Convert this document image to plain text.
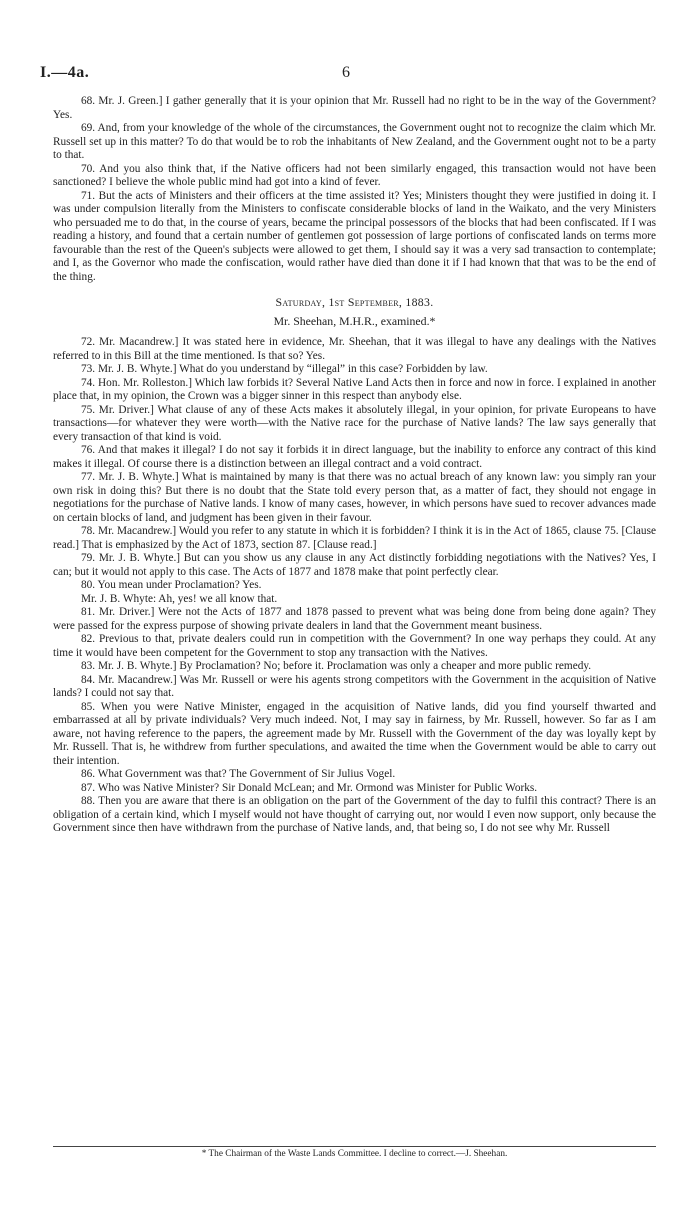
I.—4a.	6

68. Mr. J. Green.] I gather generally that it is your opinion that Mr. Russell had no right to be in the way of the Government? Yes.

69. And, from your knowledge of the whole of the circumstances, the Government ought not to recognize the claim which Mr. Russell set up in this matter? To do that would be to rob the inhabitants of New Zealand, and the Government ought not to be a party to that.

70. And you also think that, if the Native officers had not been similarly engaged, this transaction would not have been sanctioned? I believe the whole public mind had got into a kind of fever.

71. But the acts of Ministers and their officers at the time assisted it? Yes; Ministers thought they were justified in doing it. I was under compulsion literally from the Ministers to confiscate considerable blocks of land in the Waikato, and the very Ministers who persuaded me to do that, in the course of years, became the principal possessors of the blocks that had been confiscated. If I was reading a history, and found that a certain number of gentlemen got possession of large portions of confiscated lands on terms more favourable than the rest of the Queen's subjects were allowed to get them, I should say it was a very sad transaction to contemplate; and I, as the Governor who made the confiscation, would rather have died than done it if I had known that that was to be the end of the thing.

Saturday, 1st September, 1883.

Mr. Sheehan, M.H.R., examined.*

72. Mr. Macandrew.] It was stated here in evidence, Mr. Sheehan, that it was illegal to have any dealings with the Natives referred to in this Bill at the time mentioned. Is that so? Yes.

73. Mr. J. B. Whyte.] What do you understand by “illegal” in this case? Forbidden by law.

74. Hon. Mr. Rolleston.] Which law forbids it? Several Native Land Acts then in force and now in force. I explained in another place that, in my opinion, the Crown was a bigger sinner in this respect than anybody else.

75. Mr. Driver.] What clause of any of these Acts makes it absolutely illegal, in your opinion, for private Europeans to have transactions—for whatever they were worth—with the Native race for the purchase of Native lands? The law says generally that every transaction of that kind is void.

76. And that makes it illegal? I do not say it forbids it in direct language, but the inability to enforce any contract of this kind makes it illegal. Of course there is a distinction between an illegal contract and a void contract.

77. Mr. J. B. Whyte.] What is maintained by many is that there was no actual breach of any known law: you simply ran your own risk in doing this? But there is no doubt that the State told every person that, as a matter of fact, they should not engage in negotiations for the purchase of Native lands. I know of many cases, however, in which persons have sued to recover advances made on certain blocks of land, and judgment has been given in their favour.

78. Mr. Macandrew.] Would you refer to any statute in which it is forbidden? I think it is in the Act of 1865, clause 75. [Clause read.] That is emphasized by the Act of 1873, section 87. [Clause read.]

79. Mr. J. B. Whyte.] But can you show us any clause in any Act distinctly forbidding negotiations with the Natives? Yes, I can; but it would not apply to this case. The Acts of 1877 and 1878 make that point perfectly clear.

80. You mean under Proclamation? Yes.

Mr. J. B. Whyte: Ah, yes! we all know that.

81. Mr. Driver.] Were not the Acts of 1877 and 1878 passed to prevent what was being done from being done again? They were passed for the express purpose of showing private dealers in land that the Government meant business.

82. Previous to that, private dealers could run in competition with the Government? In one way perhaps they could. At any time it would have been competent for the Government to stop any transaction with the Natives.

83. Mr. J. B. Whyte.] By Proclamation? No; before it. Proclamation was only a cheaper and more public remedy.

84. Mr. Macandrew.] Was Mr. Russell or were his agents strong competitors with the Government in the acquisition of Native lands? I could not say that.

85. When you were Native Minister, engaged in the acquisition of Native lands, did you find yourself thwarted and embarrassed at all by private individuals? Very much indeed. Not, I may say in fairness, by Mr. Russell, however. So far as I am aware, not having reference to the papers, the agreement made by Mr. Russell with the Government of the day was loyally kept by Mr. Russell. That is, he withdrew from further speculations, and awaited the time when the Government would be able to carry out their intention.

86. What Government was that? The Government of Sir Julius Vogel.

87. Who was Native Minister? Sir Donald McLean; and Mr. Ormond was Minister for Public Works.

88. Then you are aware that there is an obligation on the part of the Government of the day to fulfil this contract? There is an obligation of a certain kind, which I myself would not have thought of carrying out, nor would I even now support, only because the Government since then have withdrawn from the purchase of Native lands, and, that being so, I do not see why Mr. Russell

* The Chairman of the Waste Lands Committee. I decline to correct.—J. Sheehan.
